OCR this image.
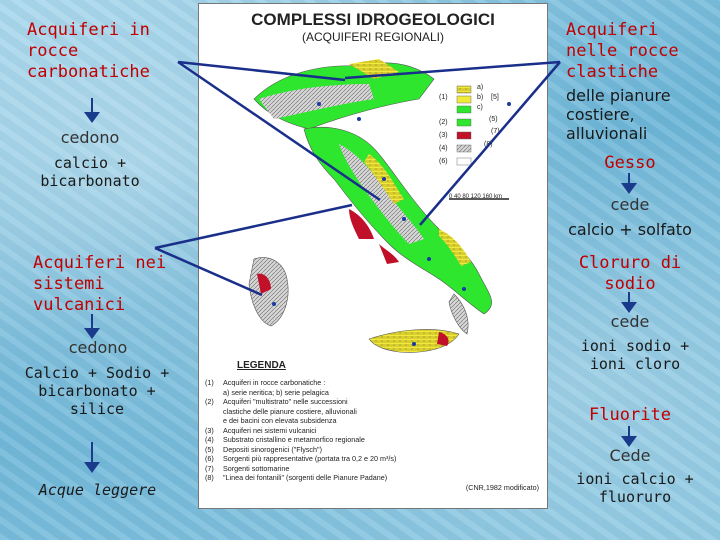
Acquiferi in
rocce
carbonatiche
cedono
calcio +
bicarbonato
Acquiferi nei
sistemi
vulcanici
cedono
Calcio + Sodio +
bicarbonato +
silice
Acque leggere
COMPLESSI IDROGEOLOGICI
(ACQUIFERI REGIONALI)
a)
b)
c)
(1)
(2)
(3)
(4)
(5)
(6)
(7)
(8)
[5]
0 40 80 120 160 km
LEGENDA
(1)	Acquiferi in rocce carbonatiche :
a) serie neritica; b) serie pelagica
(2)	Acquiferi "multistrato" nelle successioni
clastiche delle pianure costiere, alluvionali
e dei bacini con elevata subsidenza
(3)	Acquiferi nei sistemi vulcanici
(4)	Substrato cristallino e metamorfico regionale
(5)	Depositi sinorogenici ("Flysch")
(6)	Sorgenti più rappresentative (portata tra 0,2 e 20 m³/s)
(7)	Sorgenti sottomarine
(8)	"Linea dei fontanili" (sorgenti delle Pianure Padane)
(CNR,1982 modificato)
Acquiferi
nelle rocce
clastiche
delle pianure
costiere,
alluvionali
Gesso
cede
calcio + solfato
Cloruro di
sodio
cede
ioni sodio +
ioni cloro
Fluorite
Cede
ioni calcio +
fluoruro
